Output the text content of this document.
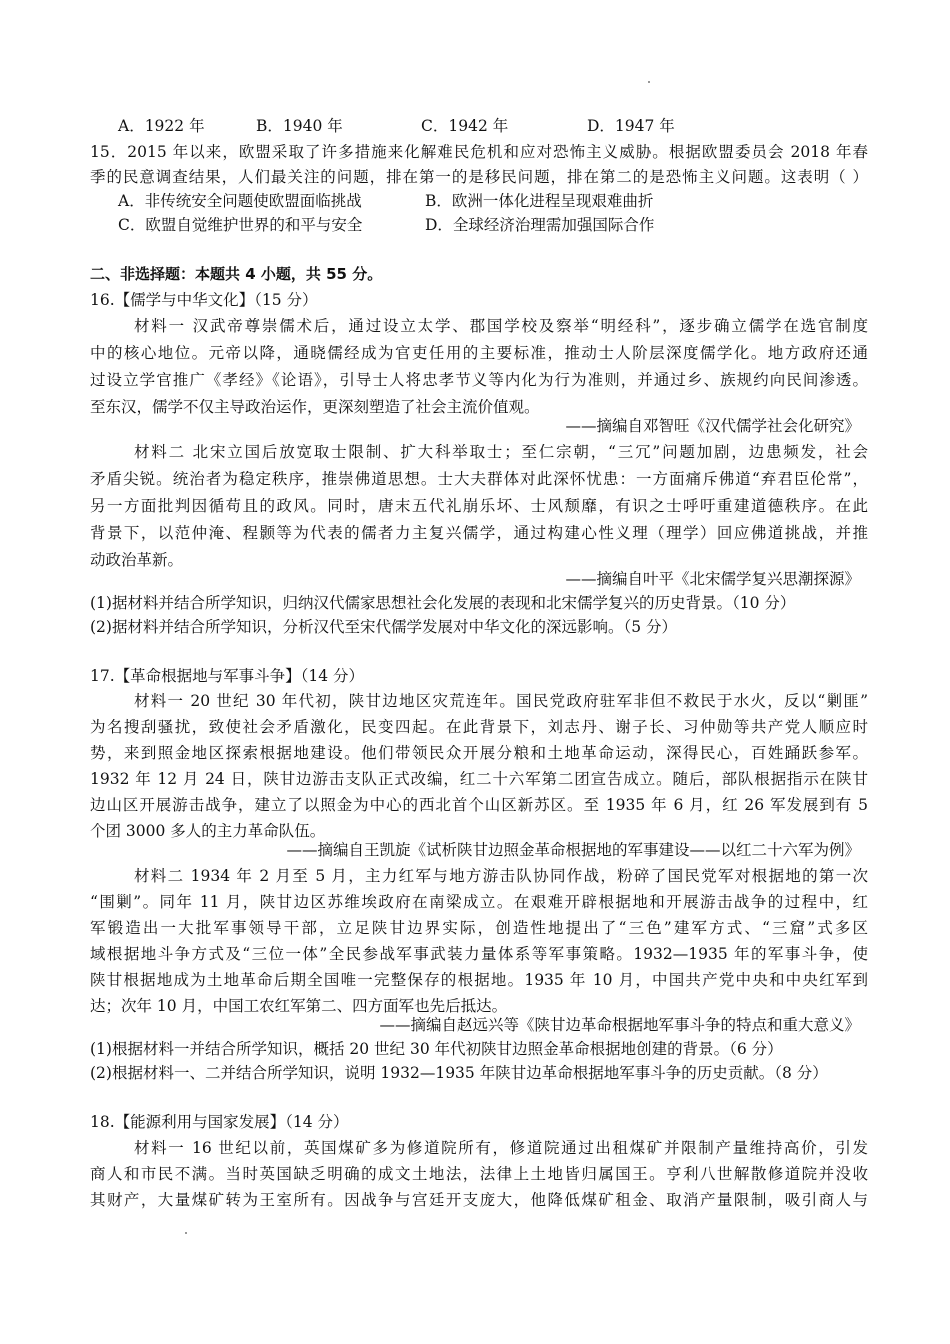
A．1922 年	B．1940 年	C．1942 年	D．1947 年
15．2015 年以来，欧盟采取了许多措施来化解难民危机和应对恐怖主义威胁。根据欧盟委员会 2018 年春
季的民意调查结果，人们最关注的问题，排在第一的是移民问题，排在第二的是恐怖主义问题。这表明（ ）
A．非传统安全问题使欧盟面临挑战	B．欧洲一体化进程呈现艰难曲折
C．欧盟自觉维护世界的和平与安全	D．全球经济治理需加强国际合作
二、非选择题：本题共 4 小题，共 55 分。
16.【儒学与中华文化】（15 分）
材料一 汉武帝尊崇儒术后，通过设立太学、郡国学校及察举“明经科”，逐步确立儒学在选官制度
中的核心地位。元帝以降，通晓儒经成为官吏任用的主要标准，推动士人阶层深度儒学化。地方政府还通
过设立学官推广《孝经》《论语》，引导士人将忠孝节义等内化为行为准则，并通过乡、族规约向民间渗透。
至东汉，儒学不仅主导政治运作，更深刻塑造了社会主流价值观。
——摘编自邓智旺《汉代儒学社会化研究》
材料二 北宋立国后放宽取士限制、扩大科举取士；至仁宗朝，“三冗”问题加剧，边患频发，社会
矛盾尖锐。统治者为稳定秩序，推崇佛道思想。士大夫群体对此深怀忧患：一方面痛斥佛道“弃君臣伦常”，
另一方面批判因循苟且的政风。同时，唐末五代礼崩乐坏、士风颓靡，有识之士呼吁重建道德秩序。在此
背景下，以范仲淹、程颢等为代表的儒者力主复兴儒学，通过构建心性义理（理学）回应佛道挑战，并推
动政治革新。
——摘编自叶平《北宋儒学复兴思潮探源》
(1)据材料并结合所学知识，归纳汉代儒家思想社会化发展的表现和北宋儒学复兴的历史背景。（10 分）
(2)据材料并结合所学知识，分析汉代至宋代儒学发展对中华文化的深远影响。（5 分）
17.【革命根据地与军事斗争】（14 分）
材料一 20 世纪 30 年代初，陕甘边地区灾荒连年。国民党政府驻军非但不救民于水火，反以“剿匪”
为名搜刮骚扰，致使社会矛盾激化，民变四起。在此背景下，刘志丹、谢子长、习仲勋等共产党人顺应时
势，来到照金地区探索根据地建设。他们带领民众开展分粮和土地革命运动，深得民心，百姓踊跃参军。
1932 年 12 月 24 日，陕甘边游击支队正式改编，红二十六军第二团宣告成立。随后，部队根据指示在陕甘
边山区开展游击战争，建立了以照金为中心的西北首个山区新苏区。至 1935 年 6 月，红 26 军发展到有 5
个团 3000 多人的主力革命队伍。
——摘编自王凯旋《试析陕甘边照金革命根据地的军事建设——以红二十六军为例》
材料二 1934 年 2 月至 5 月，主力红军与地方游击队协同作战，粉碎了国民党军对根据地的第一次
“围剿”。同年 11 月，陕甘边区苏维埃政府在南梁成立。在艰难开辟根据地和开展游击战争的过程中，红
军锻造出一大批军事领导干部，立足陕甘边界实际，创造性地提出了“三色”建军方式、“三窟”式多区
域根据地斗争方式及“三位一体”全民参战军事武装力量体系等军事策略。1932—1935 年的军事斗争，使
陕甘根据地成为土地革命后期全国唯一完整保存的根据地。1935 年 10 月，中国共产党中央和中央红军到
达；次年 10 月，中国工农红军第二、四方面军也先后抵达。
——摘编自赵远兴等《陕甘边革命根据地军事斗争的特点和重大意义》
(1)根据材料一并结合所学知识，概括 20 世纪 30 年代初陕甘边照金革命根据地创建的背景。（6 分）
(2)根据材料一、二并结合所学知识，说明 1932—1935 年陕甘边革命根据地军事斗争的历史贡献。（8 分）
18.【能源利用与国家发展】（14 分）
材料一 16 世纪以前，英国煤矿多为修道院所有，修道院通过出租煤矿并限制产量维持高价，引发
商人和市民不满。当时英国缺乏明确的成文土地法，法律上土地皆归属国王。亨利八世解散修道院并没收
其财产，大量煤矿转为王室所有。因战争与宫廷开支庞大，他降低煤矿租金、取消产量限制，吸引商人与
